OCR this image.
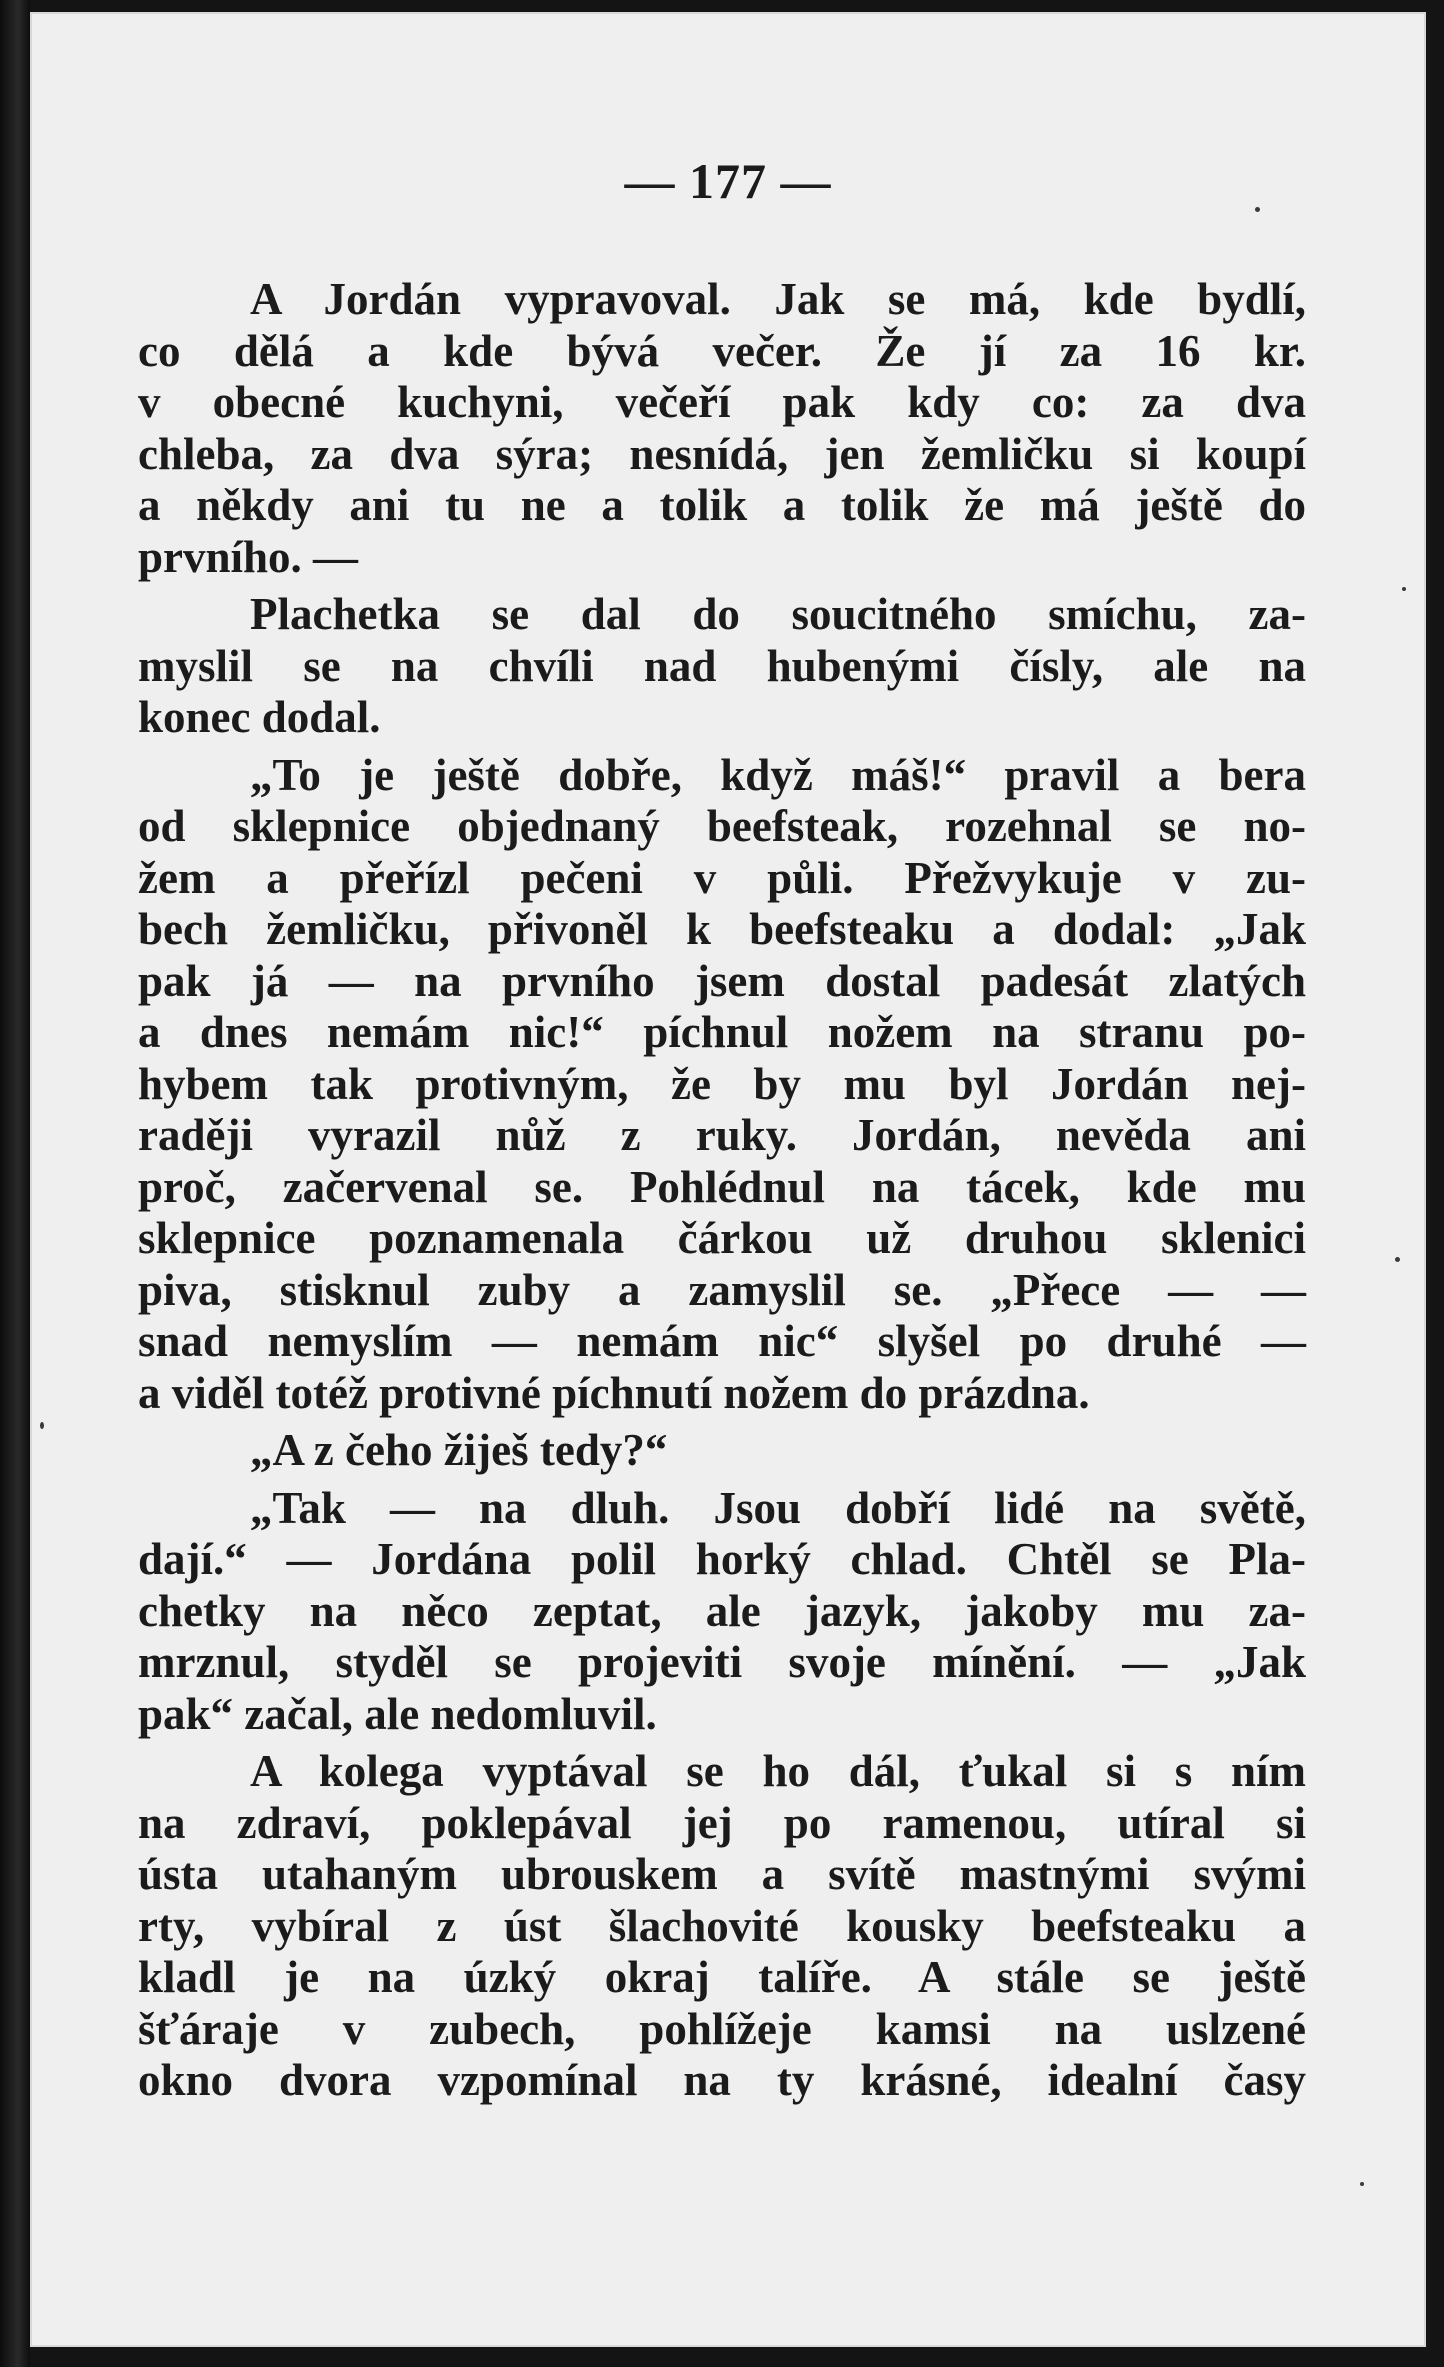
— 177 —
A Jordán vypravoval. Jak se má, kde bydlí,
co dělá a kde bývá večer. Že jí za 16 kr.
v obecné kuchyni, večeří pak kdy co: za dva
chleba, za dva sýra; nesnídá, jen žemličku si koupí
a někdy ani tu ne a tolik a tolik že má ještě do
prvního. —
Plachetka se dal do soucitného smíchu, za-
myslil se na chvíli nad hubenými čísly, ale na
konec dodal.
„To je ještě dobře, když máš!“ pravil a bera
od sklepnice objednaný beefsteak, rozehnal se no-
žem a přeřízl pečeni v půli. Přežvykuje v zu-
bech žemličku, přivoněl k beefsteaku a dodal: „Jak
pak já — na prvního jsem dostal padesát zlatých
a dnes nemám nic!“ píchnul nožem na stranu po-
hybem tak protivným, že by mu byl Jordán nej-
raději vyrazil nůž z ruky. Jordán, nevěda ani
proč, začervenal se. Pohlédnul na tácek, kde mu
sklepnice poznamenala čárkou už druhou sklenici
piva, stisknul zuby a zamyslil se. „Přece — —
snad nemyslím — nemám nic“ slyšel po druhé —
a viděl totéž protivné píchnutí nožem do prázdna.
„A z čeho žiješ tedy?“
„Tak — na dluh. Jsou dobří lidé na světě,
dají.“ — Jordána polil horký chlad. Chtěl se Pla-
chetky na něco zeptat, ale jazyk, jakoby mu za-
mrznul, styděl se projeviti svoje mínění. — „Jak
pak“ začal, ale nedomluvil.
A kolega vyptával se ho dál, ťukal si s ním
na zdraví, poklepával jej po ramenou, utíral si
ústa utahaným ubrouskem a svítě mastnými svými
rty, vybíral z úst šlachovité kousky beefsteaku a
kladl je na úzký okraj talíře. A stále se ještě
šťáraje v zubech, pohlížeje kamsi na uslzené
okno dvora vzpomínal na ty krásné, idealní časy
